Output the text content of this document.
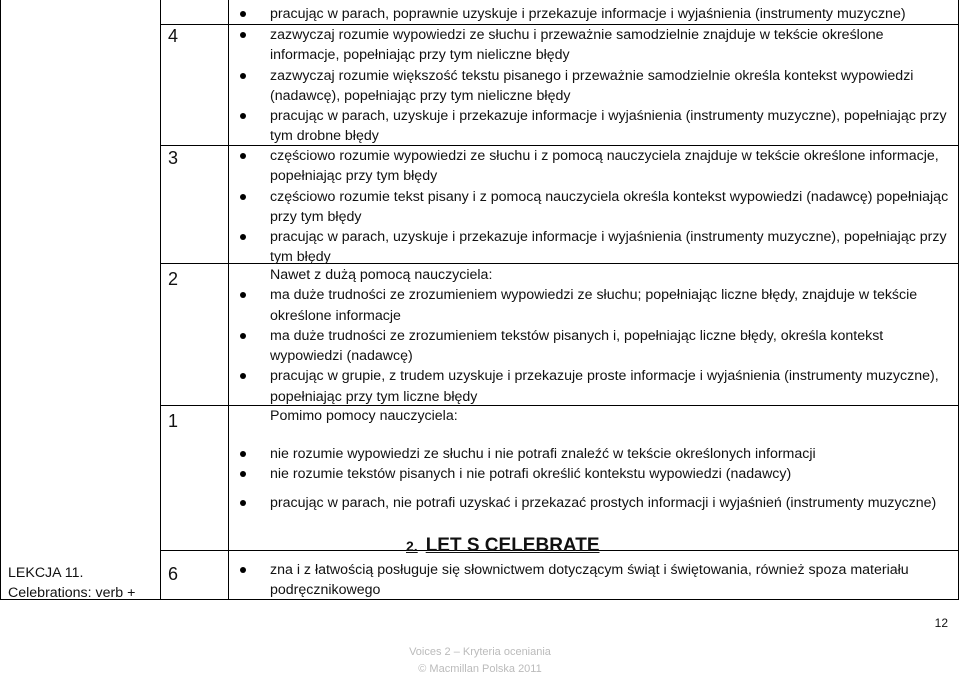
pracując w parach, poprawnie uzyskuje i przekazuje informacje i wyjaśnienia (instrumenty muzyczne)
4	zazwyczaj rozumie wypowiedzi ze słuchu i przeważnie samodzielnie znajduje w tekście określone informacje, popełniając przy tym nieliczne błędy
zazwyczaj rozumie większość tekstu pisanego i przeważnie samodzielnie określa kontekst wypowiedzi (nadawcę), popełniając przy tym nieliczne błędy
pracując w parach, uzyskuje i przekazuje informacje i wyjaśnienia (instrumenty muzyczne), popełniając przy tym drobne błędy
3	częściowo rozumie wypowiedzi ze słuchu i z pomocą nauczyciela znajduje w tekście określone informacje, popełniając przy tym błędy
częściowo rozumie tekst pisany i z pomocą nauczyciela określa kontekst wypowiedzi (nadawcę) popełniając przy tym błędy
pracując w parach, uzyskuje i przekazuje informacje i wyjaśnienia (instrumenty muzyczne), popełniając przy tym błędy
2	Nawet z dużą pomocą nauczyciela:
ma duże trudności ze zrozumieniem wypowiedzi ze słuchu; popełniając liczne błędy, znajduje w tekście określone informacje
ma duże trudności ze zrozumieniem tekstów pisanych i, popełniając liczne błędy, określa kontekst wypowiedzi (nadawcę)
pracując w grupie, z trudem uzyskuje i przekazuje proste informacje i wyjaśnienia (instrumenty muzyczne), popełniając przy tym liczne błędy
1	Pomimo pomocy nauczyciela:
nie rozumie wypowiedzi ze słuchu i nie potrafi znaleźć w tekście określonych informacji
nie rozumie tekstów pisanych i nie potrafi określić kontekstu wypowiedzi (nadawcy)
pracując w parach, nie potrafi uzyskać i przekazać prostych informacji i wyjaśnień (instrumenty muzyczne)
2. LET S CELEBRATE
LEKCJA 11. Celebrations: verb +
6	zna i z łatwością posługuje się słownictwem dotyczącym świąt i świętowania, również spoza materiału podręcznikowego
12
Voices 2 – Kryteria oceniania
© Macmillan Polska 2011
